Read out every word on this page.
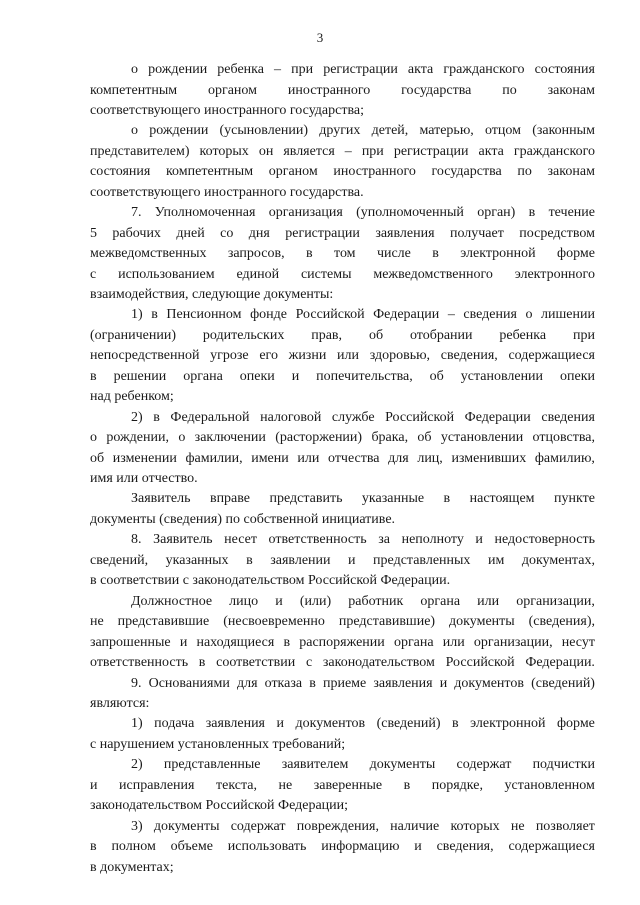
3
о рождении ребенка – при регистрации акта гражданского состояния
компетентным органом иностранного государства по законам
соответствующего иностранного государства;
о рождении (усыновлении) других детей, матерью, отцом (законным
представителем) которых он является – при регистрации акта гражданского
состояния компетентным органом иностранного государства по законам
соответствующего иностранного государства.
7. Уполномоченная организация (уполномоченный орган) в течение
5 рабочих дней со дня регистрации заявления получает посредством
межведомственных запросов, в том числе в электронной форме
с использованием единой системы межведомственного электронного
взаимодействия, следующие документы:
1) в Пенсионном фонде Российской Федерации – сведения о лишении
(ограничении) родительских прав, об отобрании ребенка при
непосредственной угрозе его жизни или здоровью, сведения, содержащиеся
в решении органа опеки и попечительства, об установлении опеки
над ребенком;
2) в Федеральной налоговой службе Российской Федерации сведения
о рождении, о заключении (расторжении) брака, об установлении отцовства,
об изменении фамилии, имени или отчества для лиц, изменивших фамилию,
имя или отчество.
Заявитель вправе представить указанные в настоящем пункте
документы (сведения) по собственной инициативе.
8. Заявитель несет ответственность за неполноту и недостоверность
сведений, указанных в заявлении и представленных им документах,
в соответствии с законодательством Российской Федерации.
Должностное лицо и (или) работник органа или организации,
не представившие (несвоевременно представившие) документы (сведения),
запрошенные и находящиеся в распоряжении органа или организации, несут
ответственность в соответствии с законодательством Российской Федерации.
9. Основаниями для отказа в приеме заявления и документов (сведений)
являются:
1) подача заявления и документов (сведений) в электронной форме
с нарушением установленных требований;
2) представленные заявителем документы содержат подчистки
и исправления текста, не заверенные в порядке, установленном
законодательством Российской Федерации;
3) документы содержат повреждения, наличие которых не позволяет
в полном объеме использовать информацию и сведения, содержащиеся
в документах;
